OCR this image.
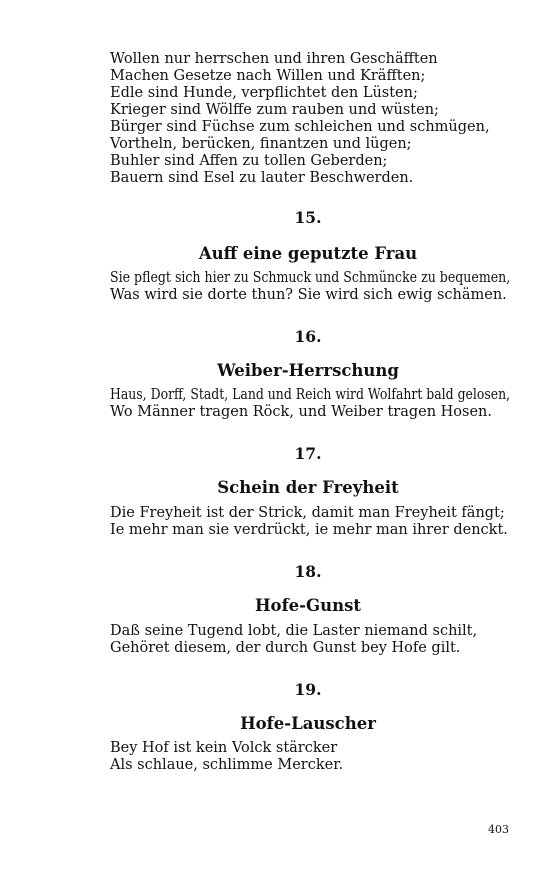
Wollen nur herrschen und ihren Geschäfften
Machen Gesetze nach Willen und Kräfften;
Edle sind Hunde, verpflichtet den Lüsten;
Krieger sind Wölffe zum rauben und wüsten;
Bürger sind Füchse zum schleichen und schmügen,
Vortheln, berücken, finantzen und lügen;
Buhler sind Affen zu tollen Geberden;
Bauern sind Esel zu lauter Beschwerden.
15.
Auff eine geputzte Frau
Sie pflegt sich hier zu Schmuck und Schmüncke zu bequemen,
Was wird sie dorte thun? Sie wird sich ewig schämen.
16.
Weiber-Herrschung
Haus, Dorff, Stadt, Land und Reich wird Wolfahrt bald gelosen,
Wo Männer tragen Röck, und Weiber tragen Hosen.
17.
Schein der Freyheit
Die Freyheit ist der Strick, damit man Freyheit fängt;
Ie mehr man sie verdrückt, ie mehr man ihrer denckt.
18.
Hofe-Gunst
Daß seine Tugend lobt, die Laster niemand schilt,
Gehöret diesem, der durch Gunst bey Hofe gilt.
19.
Hofe-Lauscher
Bey Hof ist kein Volck stärcker
Als schlaue, schlimme Mercker.
403
